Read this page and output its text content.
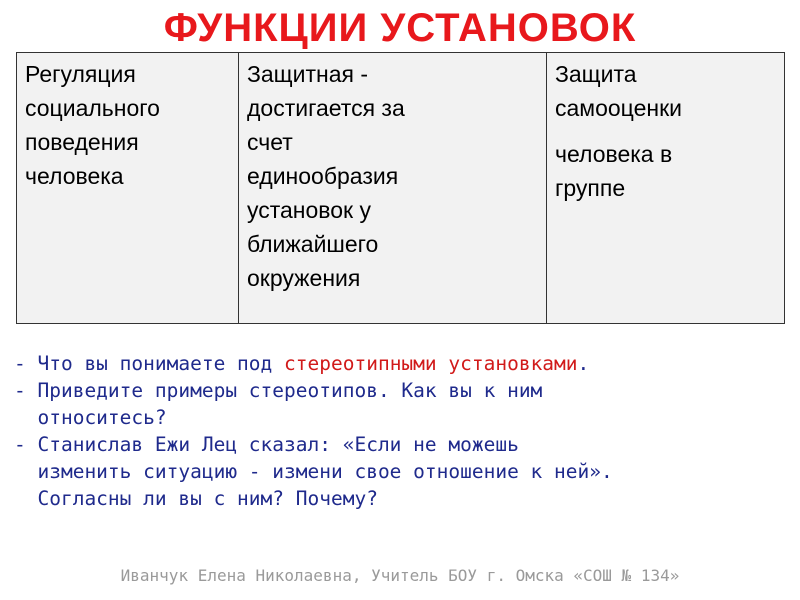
ФУНКЦИИ УСТАНОВОК
Регуляция
социального
поведения
человека

Защитная -
достигается за
счет
единообразия
установок у
ближайшего
окружения

Защита
самооценки
человека в
группе
- Что вы понимаете под стереотипными установками.
- Приведите примеры стереотипов. Как вы к ним
относитесь?
- Станислав Ежи Лец сказал: «Если не можешь
изменить ситуацию - измени свое отношение к ней».
Согласны ли вы с ним? Почему?
Иванчук Елена Николаевна, Учитель БОУ г. Омска «СОШ № 134»
